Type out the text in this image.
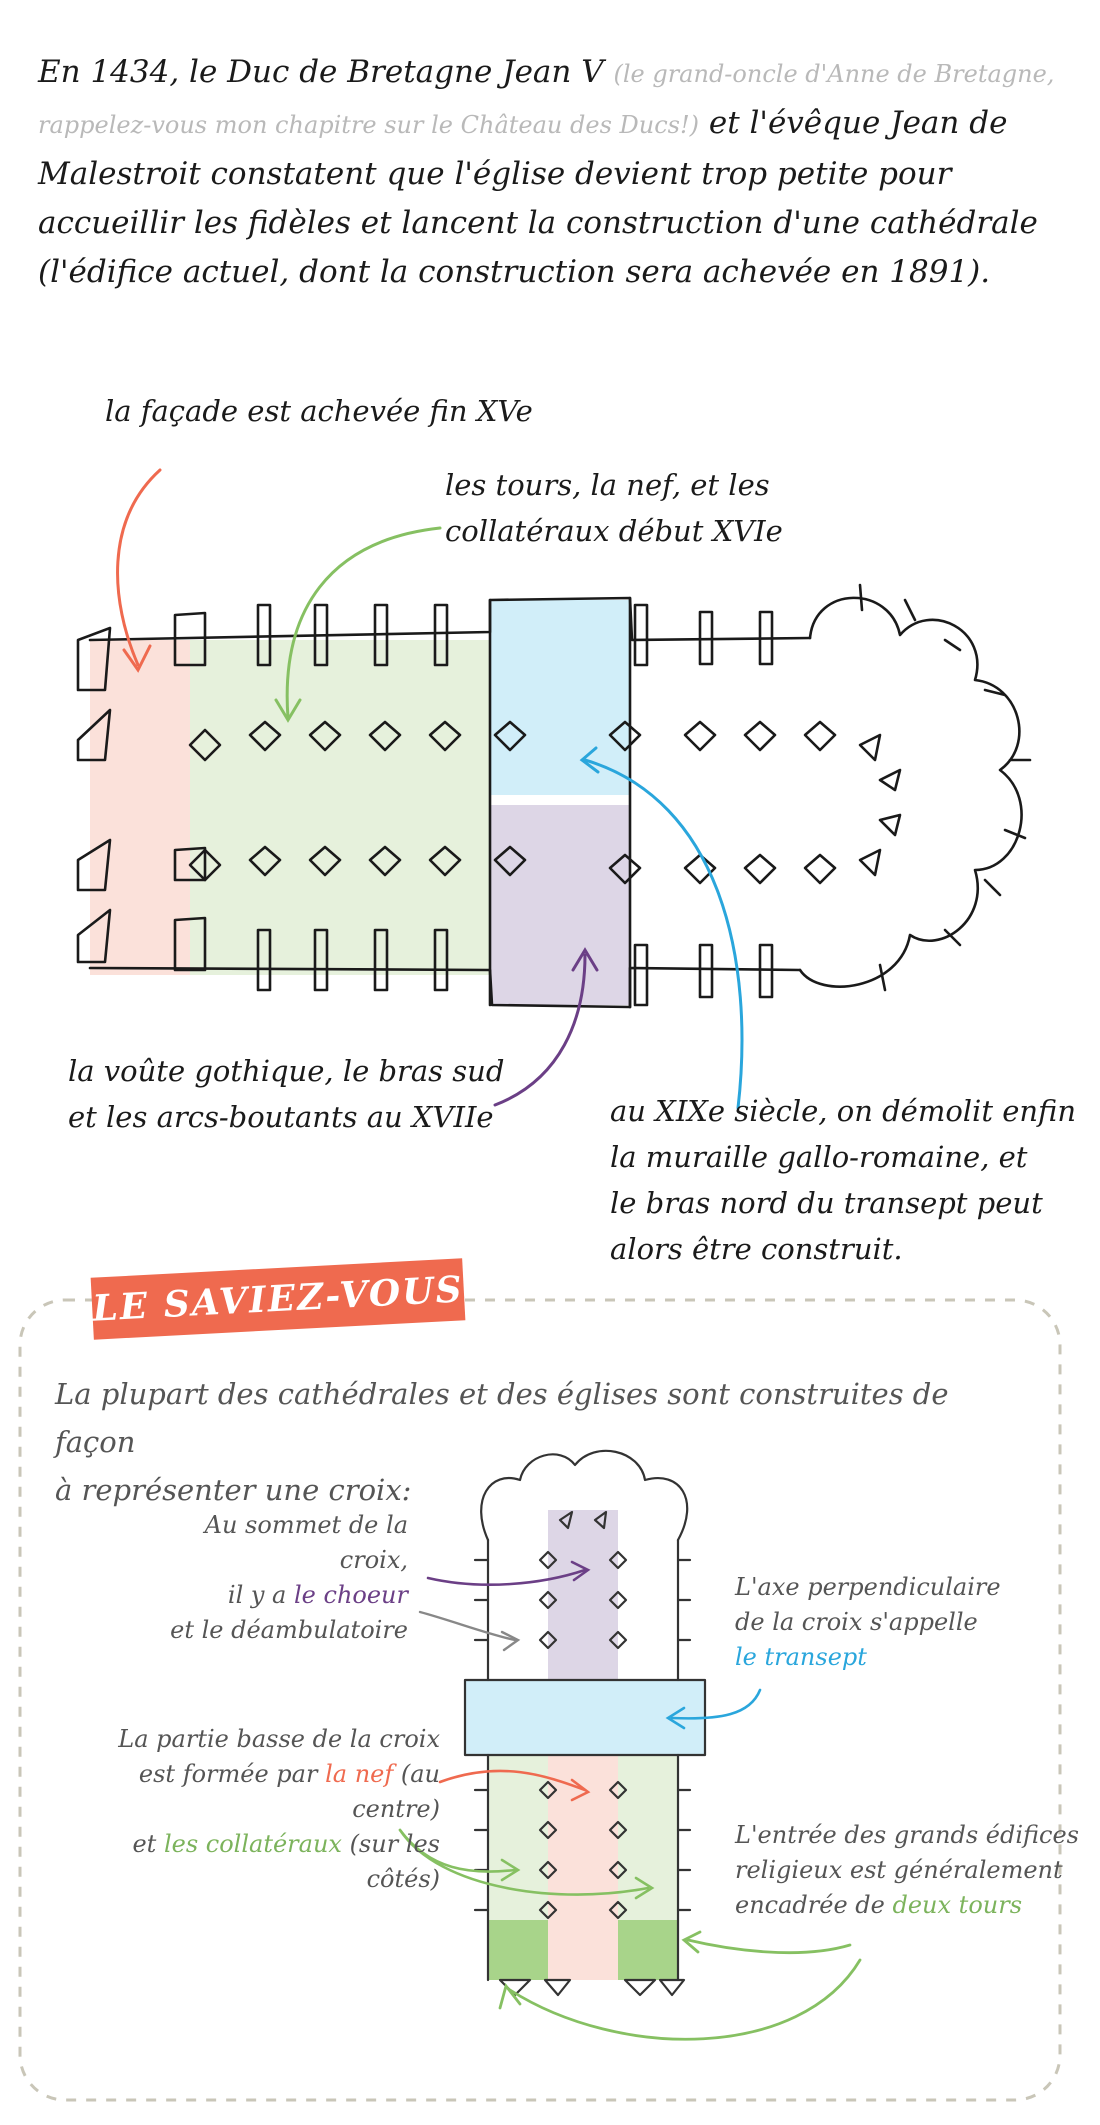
En 1434, le Duc de Bretagne Jean V (le grand-oncle d'Anne de Bretagne, rappelez-vous mon chapitre sur le Château des Ducs!) et l'évêque Jean de Malestroit constatent que l'église devient trop petite pour accueillir les fidèles et lancent la construction d'une cathédrale (l'édifice actuel, dont la construction sera achevée en 1891).
la façade est achevée fin XVe
les tours, la nef, et les
collatéraux début XVIe
la voûte gothique, le bras sud
et les arcs-boutants au XVIIe	au XIXe siècle, on démolit enfin
la muraille gallo-romaine, et
le bras nord du transept peut
alors être construit.
LE SAVIEZ-VOUS ?
La plupart des cathédrales et des églises sont construites de façon
à représenter une croix:
Au sommet de la croix,
il y a le choeur
et le déambulatoire
L'axe perpendiculaire
de la croix s'appelle
le transept
La partie basse de la croix
est formée par la nef (au centre)
et les collatéraux (sur les côtés)
L'entrée des grands édifices
religieux est généralement
encadrée de deux tours
